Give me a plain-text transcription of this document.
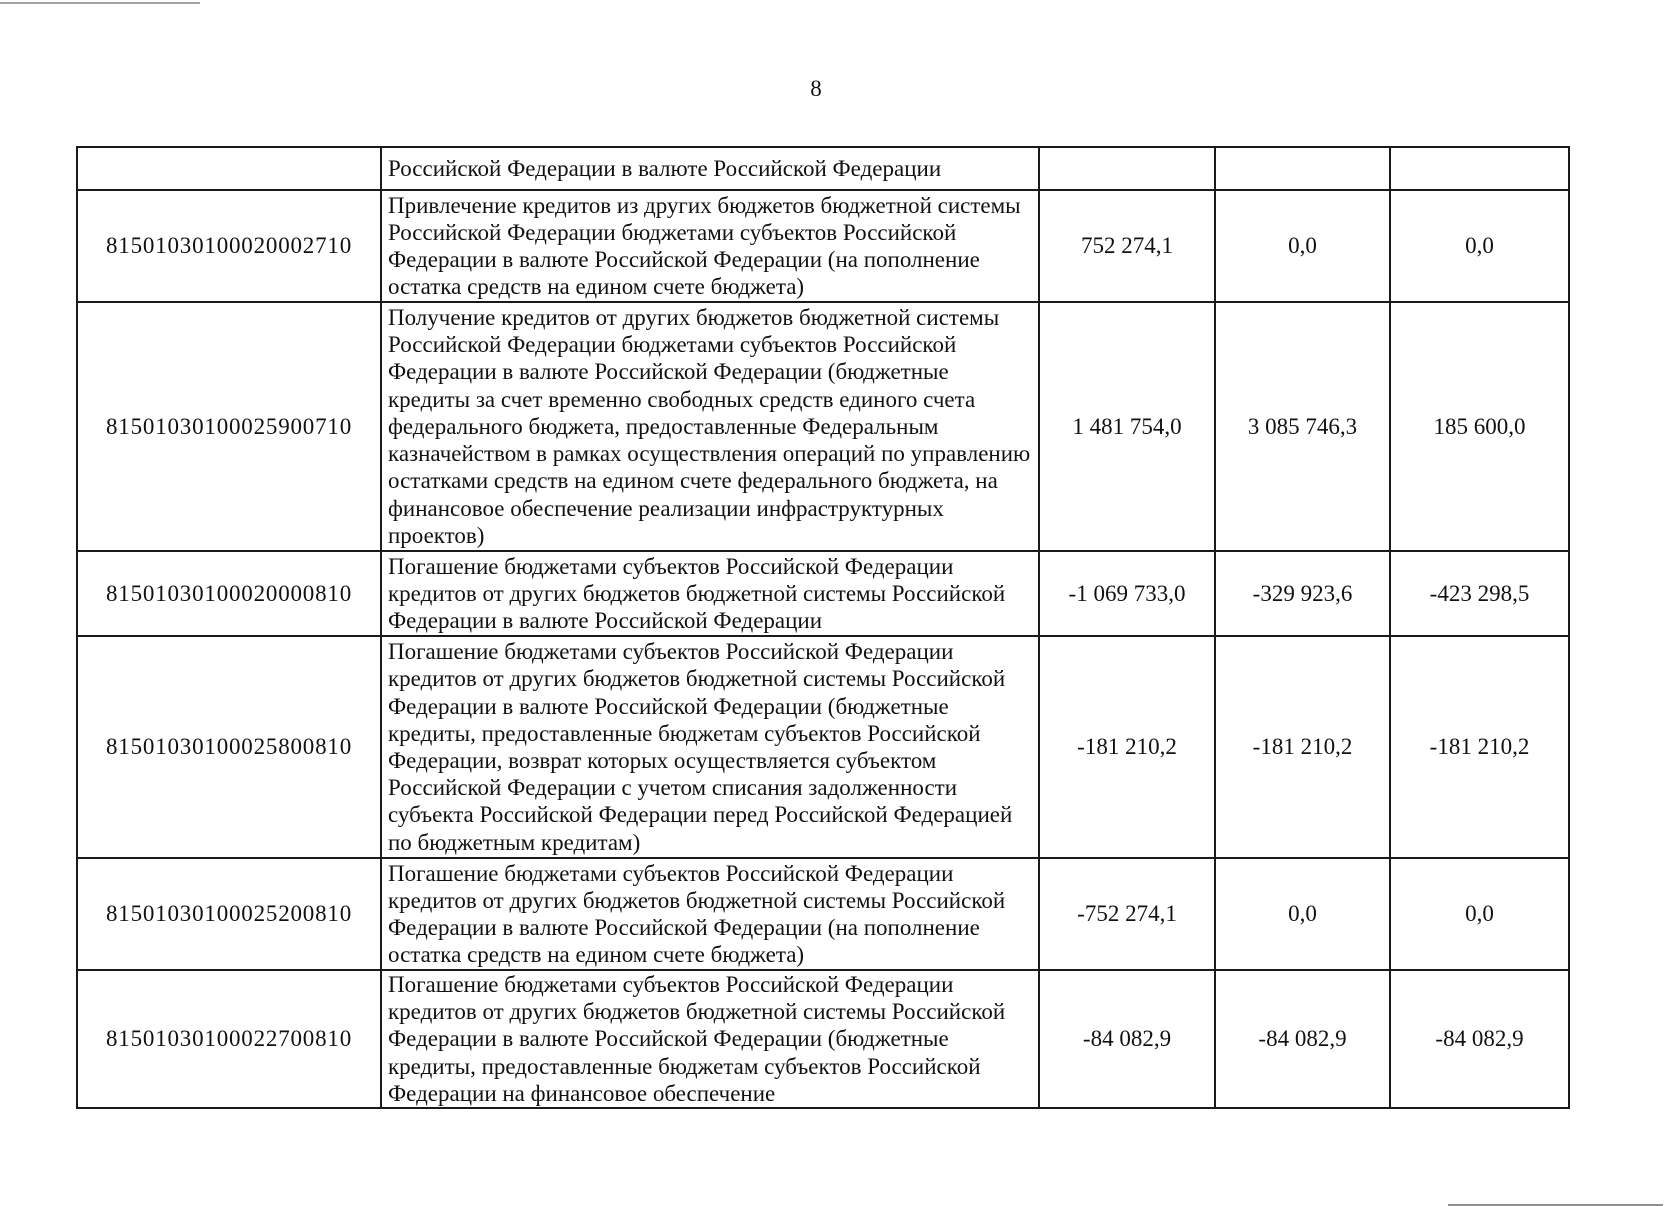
8
	Российской Федерации в валюте Российской Федерации			
81501030100020002710	Привлечение кредитов из других бюджетов бюджетной системы Российской Федерации бюджетами субъектов Российской Федерации в валюте Российской Федерации (на пополнение остатка средств на едином счете бюджета)	752 274,1	0,0	0,0
81501030100025900710	Получение кредитов от других бюджетов бюджетной системы Российской Федерации бюджетами субъектов Российской Федерации в валюте Российской Федерации (бюджетные кредиты за счет временно свободных средств единого счета федерального бюджета, предоставленные Федеральным казначейством в рамках осуществления операций по управлению остатками средств на едином счете федерального бюджета, на финансовое обеспечение реализации инфраструктурных проектов)	1 481 754,0	3 085 746,3	185 600,0
81501030100020000810	Погашение бюджетами субъектов Российской Федерации кредитов от других бюджетов бюджетной системы Российской Федерации в валюте Российской Федерации	-1 069 733,0	-329 923,6	-423 298,5
81501030100025800810	Погашение бюджетами субъектов Российской Федерации кредитов от других бюджетов бюджетной системы Российской Федерации в валюте Российской Федерации (бюджетные кредиты, предоставленные бюджетам субъектов Российской Федерации, возврат которых осуществляется субъектом Российской Федерации с учетом списания задолженности субъекта Российской Федерации перед Российской Федерацией по бюджетным кредитам)	-181 210,2	-181 210,2	-181 210,2
81501030100025200810	Погашение бюджетами субъектов Российской Федерации кредитов от других бюджетов бюджетной системы Российской Федерации в валюте Российской Федерации (на пополнение остатка средств на едином счете бюджета)	-752 274,1	0,0	0,0
81501030100022700810	Погашение бюджетами субъектов Российской Федерации кредитов от других бюджетов бюджетной системы Российской Федерации в валюте Российской Федерации (бюджетные кредиты, предоставленные бюджетам субъектов Российской Федерации на финансовое обеспечение	-84 082,9	-84 082,9	-84 082,9
